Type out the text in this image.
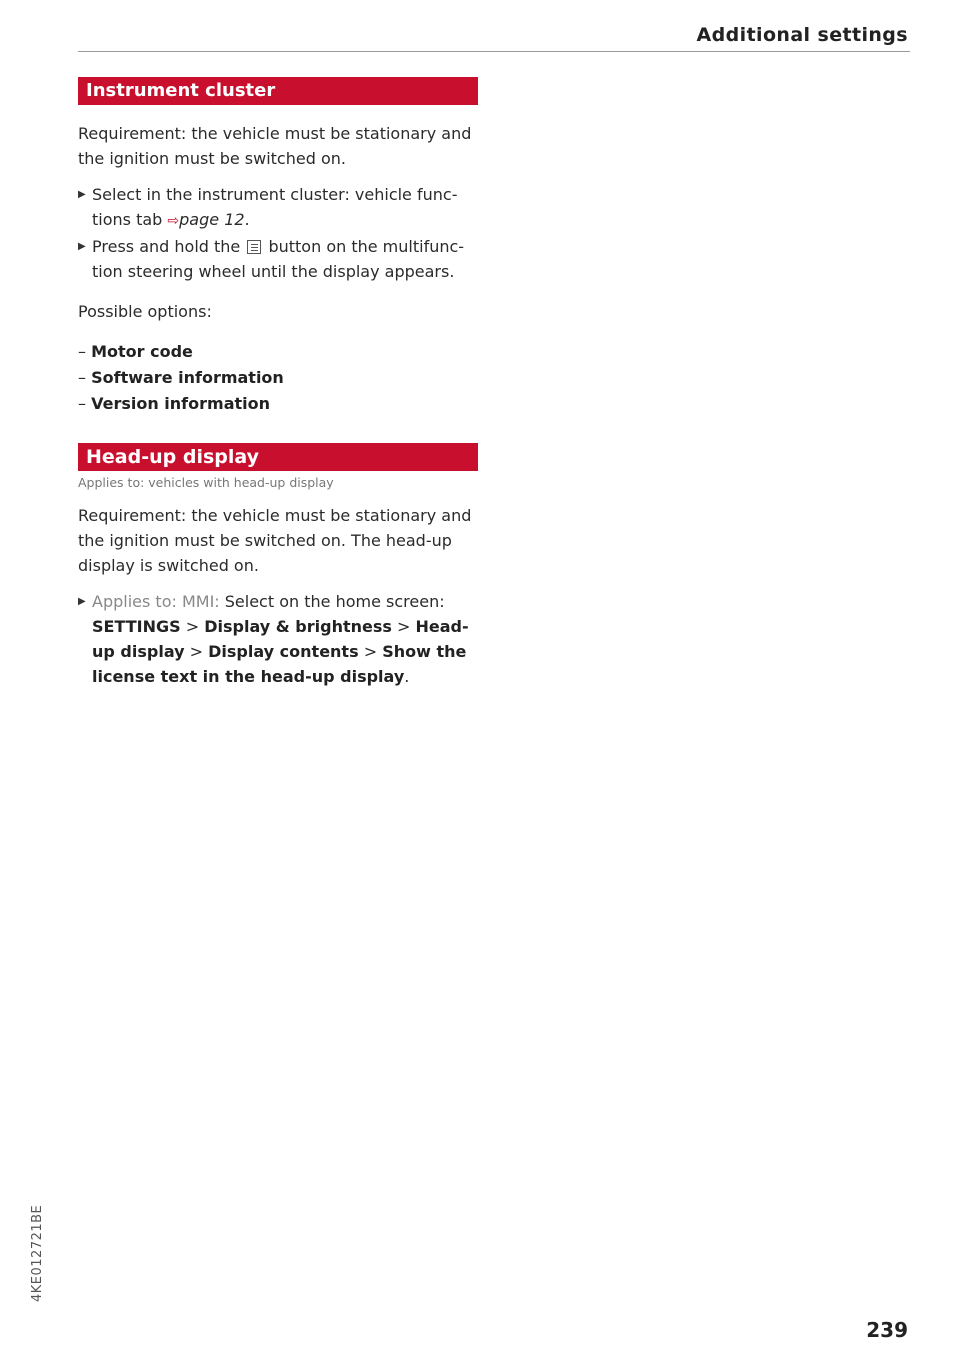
Additional settings
Instrument cluster

Requirement: the vehicle must be stationary and the ignition must be switched on.

▶ Select in the instrument cluster: vehicle func-tions tab ⇨page 12.
▶ Press and hold the button on the multifunc-tion steering wheel until the display appears.

Possible options:

– Motor code
– Software information
– Version information
Head-up display
Applies to: vehicles with head-up display

Requirement: the vehicle must be stationary and the ignition must be switched on. The head-up display is switched on.

▶ Applies to: MMI: Select on the home screen: SETTINGS > Display & brightness > Head-up display > Display contents > Show the license text in the head-up display.
4KE012721BE
239
